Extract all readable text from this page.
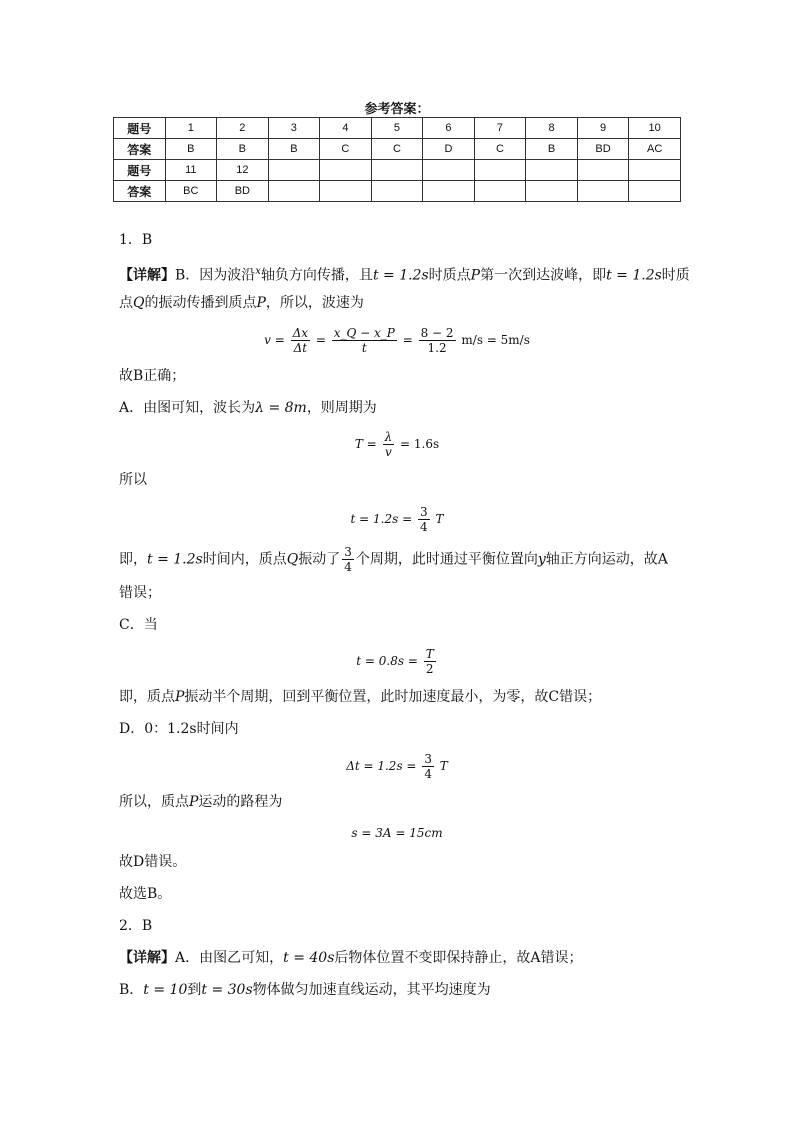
参考答案：
题号	1	2	3	4	5	6	7	8	9	10
答案	B	B	B	C	C	D	C	B	BD	AC
题号	11	12								
答案	BC	BD								
1．B
【详解】B．因为波沿$^x$轴负方向传播，且t = 1.2s时质点P第一次到达波峰，即t = 1.2s时质
点Q的振动传播到质点P，所以，波速为
$v = \frac{\Delta x}{\Delta t} = \frac{x\_Q - x\_P}{t} = \frac{8 - 2}{1.2} m/s = 5m/s$
故B正确；
A．由图可知，波长为λ = 8m，则周期为
$T = \frac{\lambda}{v} = 1.6s$
所以
$t = 1.2s = \frac{3}{4}$ T
即，t = 1.2s时间内，质点Q振动了 $\frac{3}{4}$ 个周期，此时通过平衡位置向y轴正方向运动，故A
错误；
C．当
$t = 0.8s = \frac{T}{2}$
即，质点P振动半个周期，回到平衡位置，此时加速度最小，为零，故C错误；
D．0：1.2s时间内
$\Delta t = 1.2s = \frac{3}{4}$ T
所以，质点P运动的路程为
s = 3A = 15cm
故D错误。
故选B。
2．B
【详解】A．由图乙可知，t = 40s后物体位置不变即保持静止，故A错误；
B．t = 10到t = 30s物体做匀加速直线运动，其平均速度为
